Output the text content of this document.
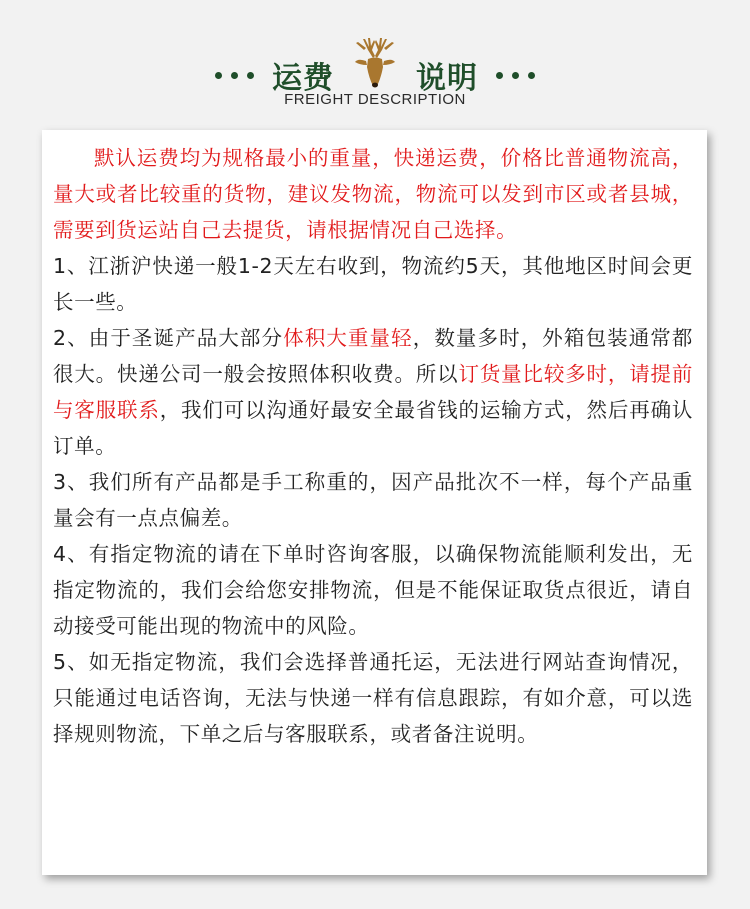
运费	说明
FREIGHT DESCRIPTION

默认运费均为规格最小的重量，快递运费，价格比普通物流高，量大或者比较重的货物，建议发物流，物流可以发到市区或者县城，需要到货运站自己去提货，请根据情况自己选择。

1、江浙沪快递一般1-2天左右收到，物流约5天，其他地区时间会更长一些。

2、由于圣诞产品大部分体积大重量轻，数量多时，外箱包装通常都很大。快递公司一般会按照体积收费。所以订货量比较多时，请提前与客服联系，我们可以沟通好最安全最省钱的运输方式，然后再确认订单。

3、我们所有产品都是手工称重的，因产品批次不一样，每个产品重量会有一点点偏差。

4、有指定物流的请在下单时咨询客服，以确保物流能顺利发出，无指定物流的，我们会给您安排物流，但是不能保证取货点很近，请自动接受可能出现的物流中的风险。

5、如无指定物流，我们会选择普通托运，无法进行网站查询情况，只能通过电话咨询，无法与快递一样有信息跟踪，有如介意，可以选择规则物流，下单之后与客服联系，或者备注说明。
